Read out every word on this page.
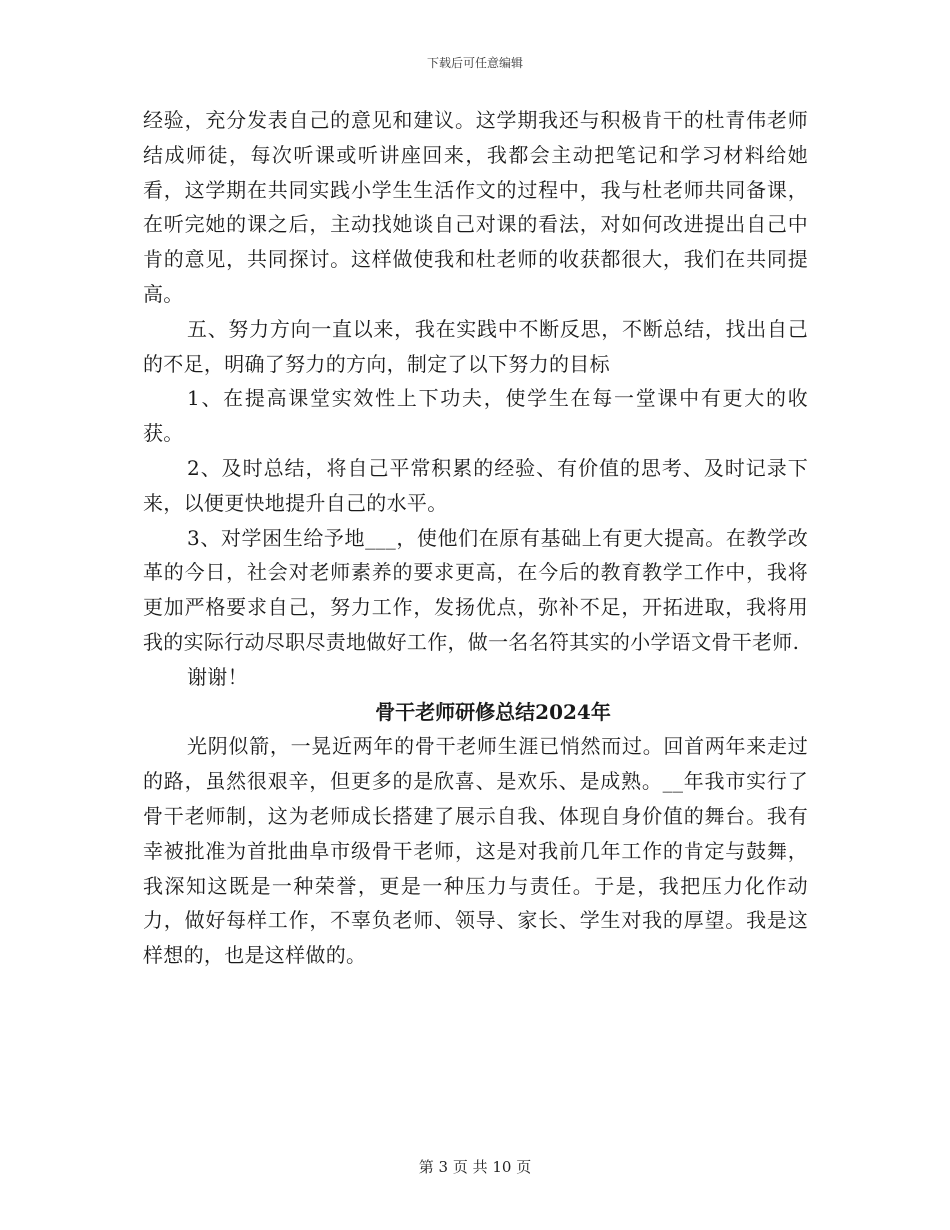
下载后可任意编辑

经验，充分发表自己的意见和建议。这学期我还与积极肯干的杜青伟老师结成师徒，每次听课或听讲座回来，我都会主动把笔记和学习材料给她看，这学期在共同实践小学生生活作文的过程中，我与杜老师共同备课，在听完她的课之后，主动找她谈自己对课的看法，对如何改进提出自己中肯的意见，共同探讨。这样做使我和杜老师的收获都很大，我们在共同提高。

五、努力方向一直以来，我在实践中不断反思，不断总结，找出自己的不足，明确了努力的方向，制定了以下努力的目标

1、在提高课堂实效性上下功夫，使学生在每一堂课中有更大的收获。

2、及时总结，将自己平常积累的经验、有价值的思考、及时记录下来，以便更快地提升自己的水平。

3、对学困生给予地___，使他们在原有基础上有更大提高。在教学改革的今日，社会对老师素养的要求更高，在今后的教育教学工作中，我将更加严格要求自己，努力工作，发扬优点，弥补不足，开拓进取，我将用我的实际行动尽职尽责地做好工作，做一名名符其实的小学语文骨干老师.

谢谢！

骨干老师研修总结2024年

光阴似箭，一晃近两年的骨干老师生涯已悄然而过。回首两年来走过的路，虽然很艰辛，但更多的是欣喜、是欢乐、是成熟。__年我市实行了骨干老师制，这为老师成长搭建了展示自我、体现自身价值的舞台。我有幸被批准为首批曲阜市级骨干老师，这是对我前几年工作的肯定与鼓舞，我深知这既是一种荣誉，更是一种压力与责任。于是，我把压力化作动力，做好每样工作，不辜负老师、领导、家长、学生对我的厚望。我是这样想的，也是这样做的。

第 3 页 共 10 页
